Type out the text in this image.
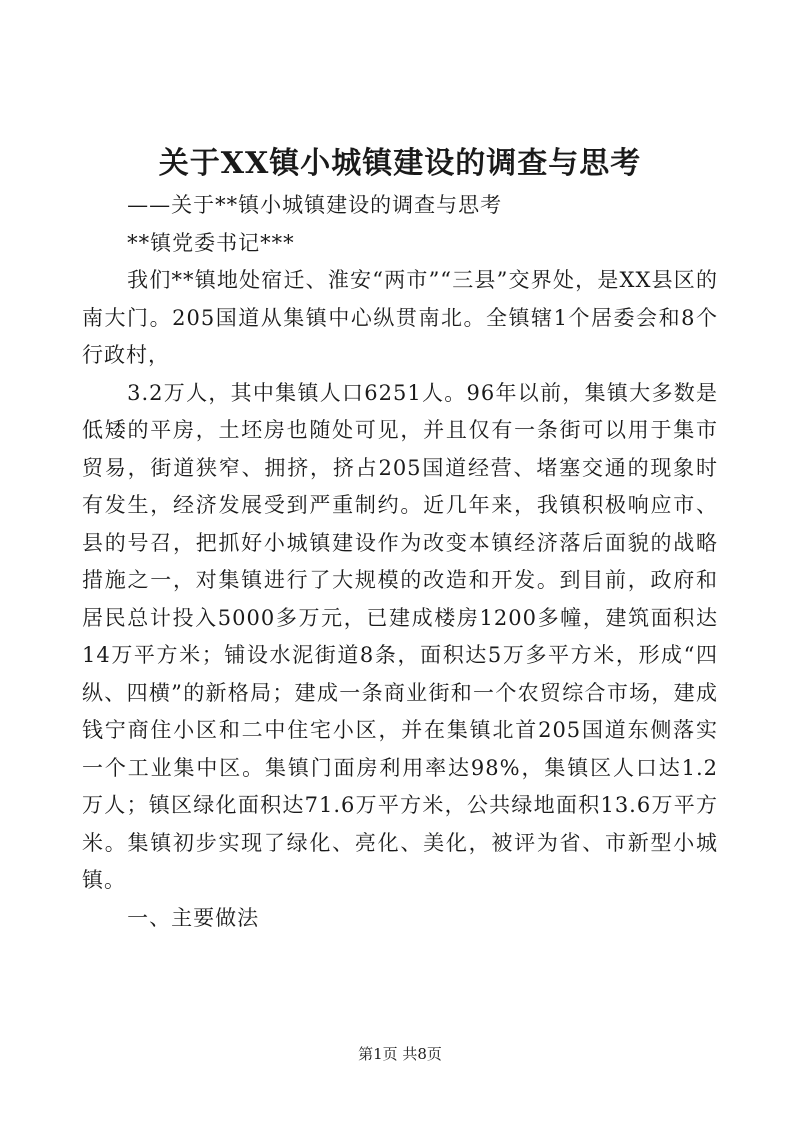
关于XX镇小城镇建设的调查与思考

——关于**镇小城镇建设的调查与思考

**镇党委书记***

我们**镇地处宿迁、淮安“两市”“三县”交界处，是XX县区的南大门。205国道从集镇中心纵贯南北。全镇辖1个居委会和8个行政村，

3.2万人，其中集镇人口6251人。96年以前，集镇大多数是低矮的平房，土坯房也随处可见，并且仅有一条街可以用于集市贸易，街道狭窄、拥挤，挤占205国道经营、堵塞交通的现象时有发生，经济发展受到严重制约。近几年来，我镇积极响应市、县的号召，把抓好小城镇建设作为改变本镇经济落后面貌的战略措施之一，对集镇进行了大规模的改造和开发。到目前，政府和居民总计投入5000多万元，已建成楼房1200多幢，建筑面积达14万平方米；铺设水泥街道8条，面积达5万多平方米，形成“四纵、四横”的新格局；建成一条商业街和一个农贸综合市场，建成钱宁商住小区和二中住宅小区，并在集镇北首205国道东侧落实一个工业集中区。集镇门面房利用率达98%，集镇区人口达1.2万人；镇区绿化面积达71.6万平方米，公共绿地面积13.6万平方米。集镇初步实现了绿化、亮化、美化，被评为省、市新型小城镇。

一、主要做法

第1页 共8页
